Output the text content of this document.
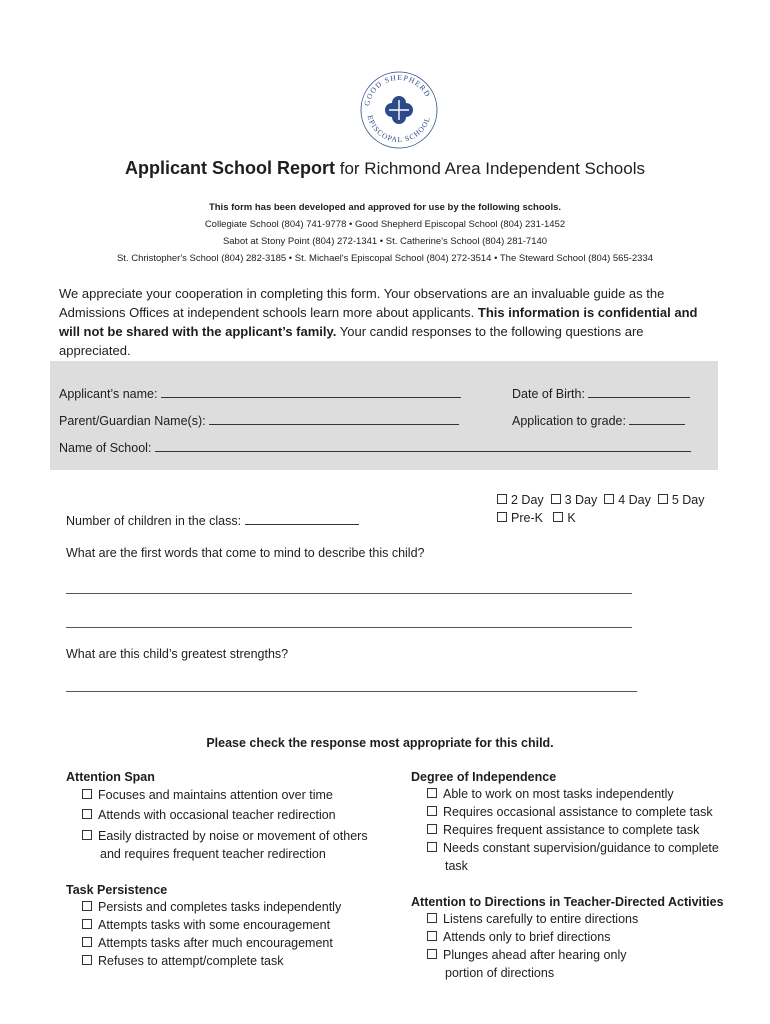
GOOD SHEPHERD
EPISCOPAL SCHOOL
Applicant School Report for Richmond Area Independent Schools
This form has been developed and approved for use by the following schools.
Collegiate School (804) 741-9778 • Good Shepherd Episcopal School (804) 231-1452
Sabot at Stony Point (804) 272-1341 • St. Catherine's School (804) 281-7140
St. Christopher's School (804) 282-3185 • St. Michael's Episcopal School (804) 272-3514 • The Steward School (804) 565-2334
We appreciate your cooperation in completing this form. Your observations are an invaluable guide as the Admissions Offices at independent schools learn more about applicants. This information is confidential and will not be shared with the applicant’s family. Your candid responses to the following questions are appreciated.
Applicant’s name:	Date of Birth:
Parent/Guardian Name(s):	Application to grade:
Name of School:
Number of children in the class:
2 Day 3 Day 4 Day 5 Day
Pre-K K
What are the first words that come to mind to describe this child?
What are this child’s greatest strengths?
Please check the response most appropriate for this child.
Attention Span
Focuses and maintains attention over time
Attends with occasional teacher redirection
Easily distracted by noise or movement of others
and requires frequent teacher redirection
Task Persistence
Persists and completes tasks independently
Attempts tasks with some encouragement
Attempts tasks after much encouragement
Refuses to attempt/complete task
Degree of Independence
Able to work on most tasks independently
Requires occasional assistance to complete task
Requires frequent assistance to complete task
Needs constant supervision/guidance to complete
task
Attention to Directions in Teacher-Directed Activities
Listens carefully to entire directions
Attends only to brief directions
Plunges ahead after hearing only
portion of directions
